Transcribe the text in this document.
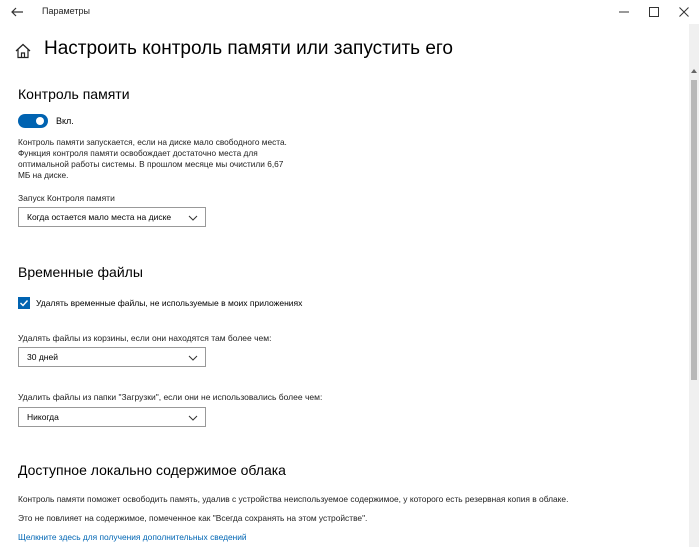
Параметры
Настроить контроль памяти или запустить его
Контроль памяти
Вкл.
Контроль памяти запускается, если на диске мало свободного места.
Функция контроля памяти освобождает достаточно места для
оптимальной работы системы. В прошлом месяце мы очистили 6,67
МБ на диске.
Запуск Контроля памяти
Когда остается мало места на диске
Временные файлы
Удалять временные файлы, не используемые в моих приложениях
Удалять файлы из корзины, если они находятся там более чем:
30 дней
Удалить файлы из папки "Загрузки", если они не использовались более чем:
Никогда
Доступное локально содержимое облака
Контроль памяти поможет освободить память, удалив с устройства неиспользуемое содержимое, у которого есть резервная копия в облаке.
Это не повлияет на содержимое, помеченное как "Всегда сохранять на этом устройстве".
Щелкните здесь для получения дополнительных сведений
